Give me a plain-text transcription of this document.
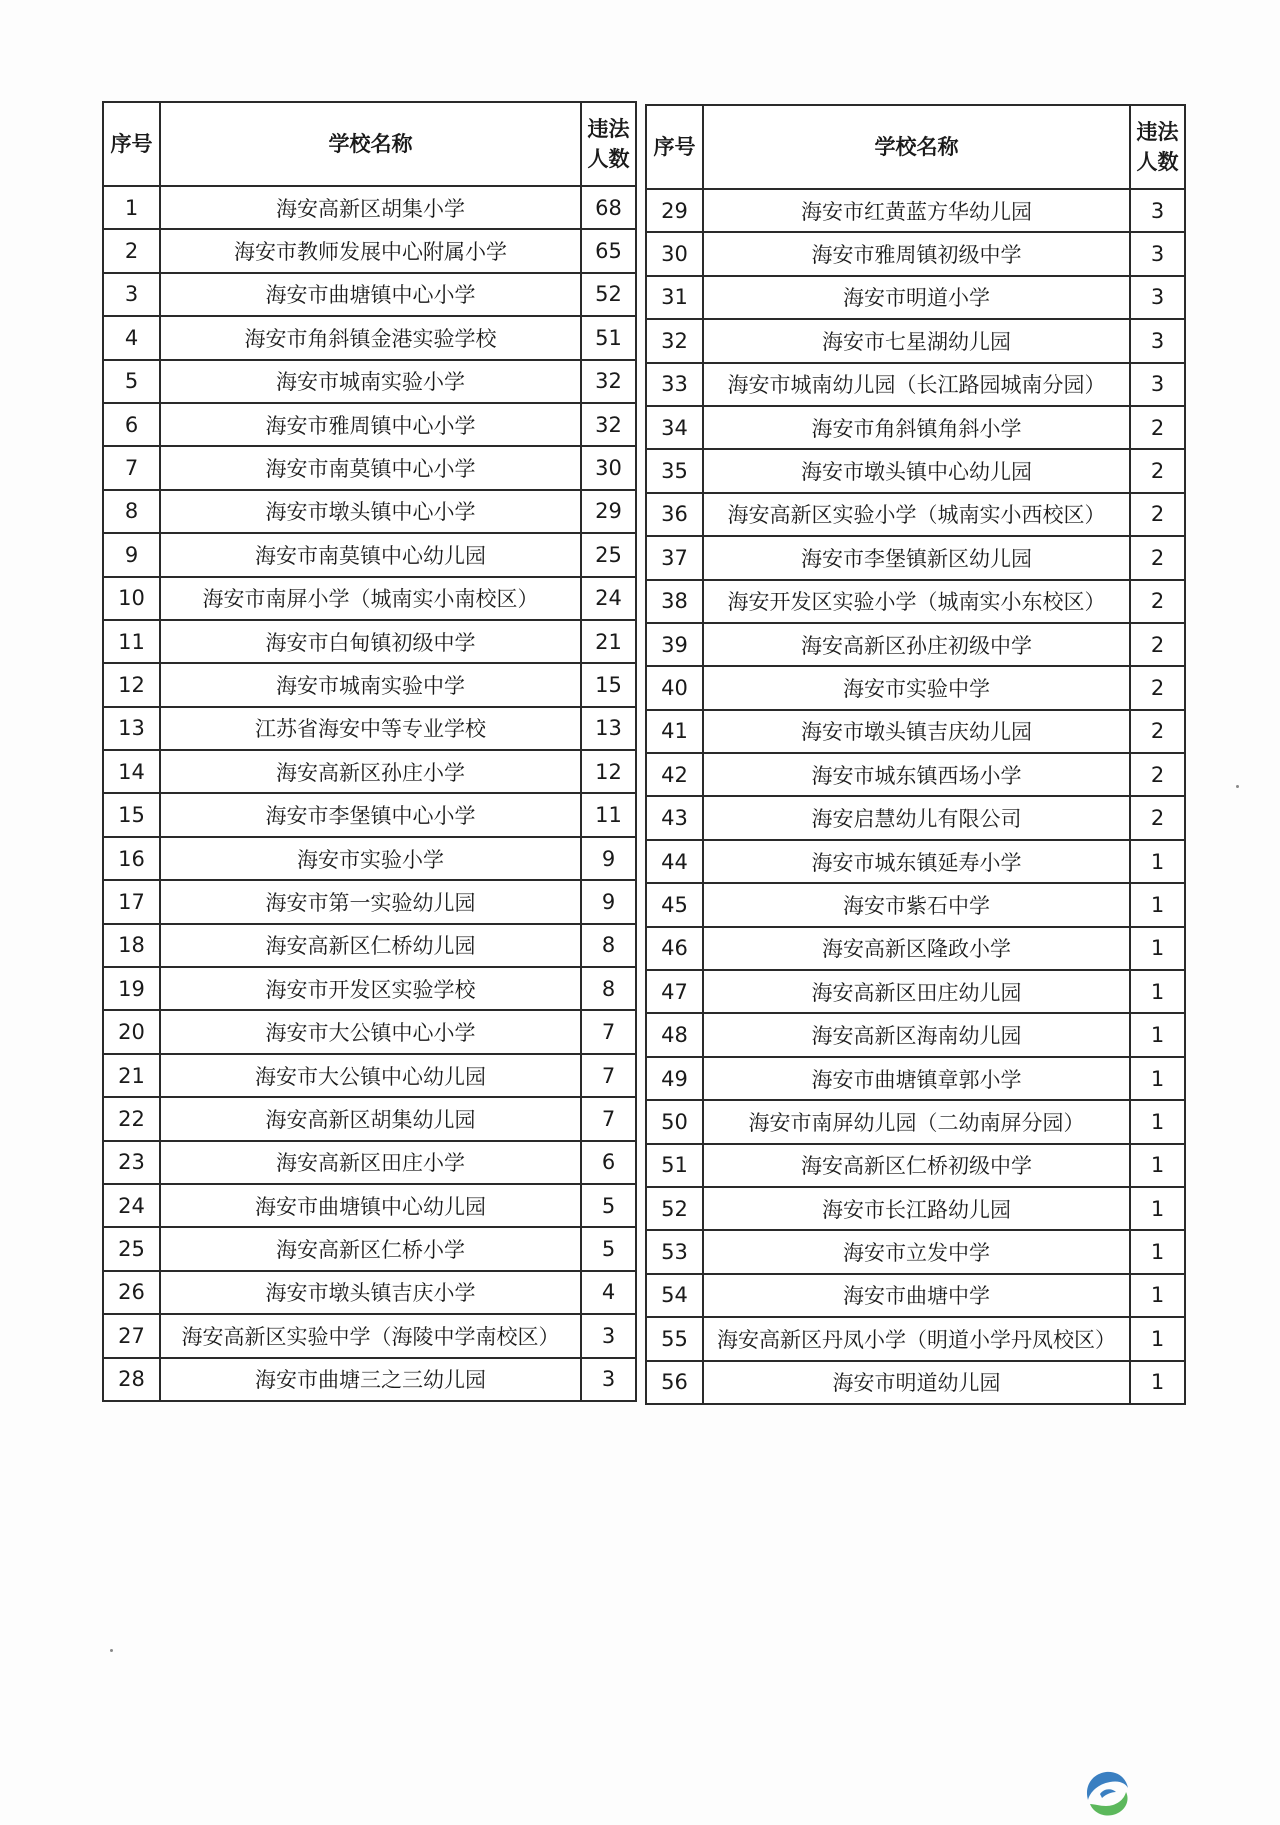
序号	学校名称	违法
人数

1	海安高新区胡集小学	68
2	海安市教师发展中心附属小学	65
3	海安市曲塘镇中心小学	52
4	海安市角斜镇金港实验学校	51
5	海安市城南实验小学	32
6	海安市雅周镇中心小学	32
7	海安市南莫镇中心小学	30
8	海安市墩头镇中心小学	29
9	海安市南莫镇中心幼儿园	25
10	海安市南屏小学（城南实小南校区）	24
11	海安市白甸镇初级中学	21
12	海安市城南实验中学	15
13	江苏省海安中等专业学校	13
14	海安高新区孙庄小学	12
15	海安市李堡镇中心小学	11
16	海安市实验小学	9
17	海安市第一实验幼儿园	9
18	海安高新区仁桥幼儿园	8
19	海安市开发区实验学校	8
20	海安市大公镇中心小学	7
21	海安市大公镇中心幼儿园	7
22	海安高新区胡集幼儿园	7
23	海安高新区田庄小学	6
24	海安市曲塘镇中心幼儿园	5
25	海安高新区仁桥小学	5
26	海安市墩头镇吉庆小学	4
27	海安高新区实验中学（海陵中学南校区）	3
28	海安市曲塘三之三幼儿园	3
序号	学校名称	违法
人数

29	海安市红黄蓝方华幼儿园	3
30	海安市雅周镇初级中学	3
31	海安市明道小学	3
32	海安市七星湖幼儿园	3
33	海安市城南幼儿园（长江路园城南分园）	3
34	海安市角斜镇角斜小学	2
35	海安市墩头镇中心幼儿园	2
36	海安高新区实验小学（城南实小西校区）	2
37	海安市李堡镇新区幼儿园	2
38	海安开发区实验小学（城南实小东校区）	2
39	海安高新区孙庄初级中学	2
40	海安市实验中学	2
41	海安市墩头镇吉庆幼儿园	2
42	海安市城东镇西场小学	2
43	海安启慧幼儿有限公司	2
44	海安市城东镇延寿小学	1
45	海安市紫石中学	1
46	海安高新区隆政小学	1
47	海安高新区田庄幼儿园	1
48	海安高新区海南幼儿园	1
49	海安市曲塘镇章郭小学	1
50	海安市南屏幼儿园（二幼南屏分园）	1
51	海安高新区仁桥初级中学	1
52	海安市长江路幼儿园	1
53	海安市立发中学	1
54	海安市曲塘中学	1
55	海安高新区丹凤小学（明道小学丹凤校区）	1
56	海安市明道幼儿园	1
